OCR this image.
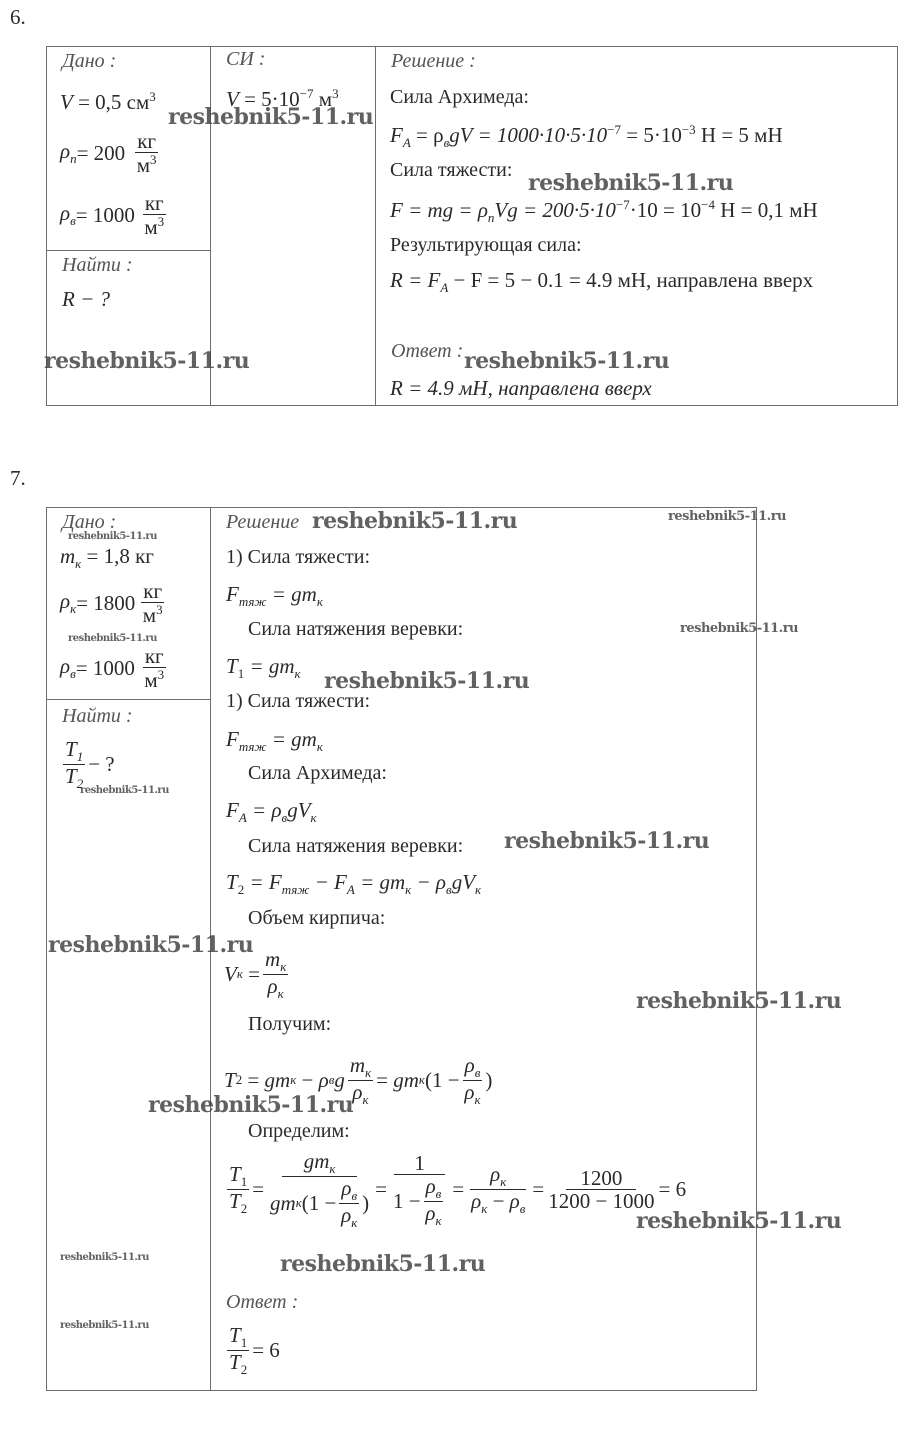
6.
Дано :
V = 0,5 $см^3$
$\rho_п = 200 \frac{кг}{м^3}$
$\rho_в = 1000 \frac{кг}{м^3}$
Найти :
R − ?
СИ :
$V = 5\cdot 10^{-7}$ $м^3$
Решение :
Сила Архимеда:
$F_A = \rho_вgV = 1000\cdot 10\cdot 5\cdot 10^{-7} = 5\cdot 10^{-3}$ Н = 5 мН
Сила тяжести:
F = mg = $\rho_пVg = 200\cdot 5\cdot 10^{-7}\cdot 10 = 10^{-4}$ Н = 0,1 мН
Результирующая сила:
$R = F_A - F = 5 - 0.1 = 4.9$ мН, направлена вверх
Ответ :
R = 4.9 мН, направлена вверх
reshebnik5-11.ru
reshebnik5-11.ru
reshebnik5-11.ru	reshebnik5-11.ru
7.
Дано :
$m_к = 1,8$ кг
$\rho_к = 1800 \frac{кг}{м^3}$
$\rho_в = 1000 \frac{кг}{м^3}$
Найти :
$\frac{T_1}{T_2}$ − ?
Решение
1) Сила тяжести:
$F_{тяж} = gm_к$
Сила натяжения веревки:
$T_1 = gm_к$
1) Сила тяжести:
$F_{тяж} = gm_к$
Сила Архимеда:
$F_A = \rho_вgV_к$
Сила натяжения веревки:
$T_2 = F_{тяж} - F_A = gm_к - \rho_вgV_к$
Объем кирпича:
V $к = \frac{m_к}{\rho_к}$
Получим:
T 2 = gm к − ρ в g $\frac{m_к}{\rho_к}$ = gm к ($1 - \frac{\rho_в}{\rho_к}$ )
Определим:
$\frac{T_1}{T_2} = \frac{gm_к}{gm к (1 - \frac{\rho_в}{\rho_к} )} = \frac{1}{1 - \frac{\rho_в}{\rho_к}} = \frac{\rho_к}{\rho_к - \rho_в} = \frac{1200}{1200 - 1000} = 6$
Ответ :
$\frac{T_1}{T_2} = 6$
reshebnik5-11.ru	reshebnik5-11.ru
reshebnik5-11.ru
reshebnik5-11.ru
reshebnik5-11.ru
reshebnik5-11.ru
reshebnik5-11.ru
reshebnik5-11.ru
reshebnik5-11.ru
reshebnik5-11.ru
reshebnik5-11.ru
reshebnik5-11.ru
reshebnik5-11.ru	reshebnik5-11.ru
reshebnik5-11.ru
